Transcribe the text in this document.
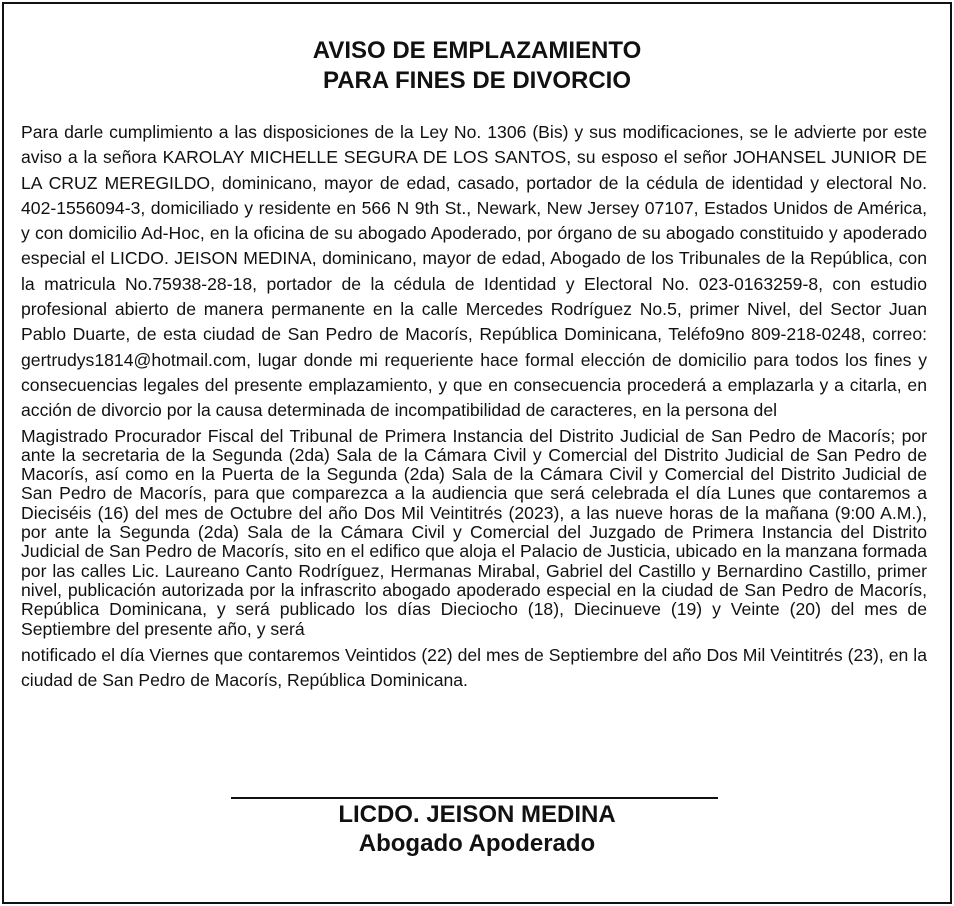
AVISO DE EMPLAZAMIENTO
PARA FINES DE DIVORCIO

Para darle cumplimiento a las disposiciones de la Ley No. 1306 (Bis) y sus modificaciones, se le advierte por este aviso a la señora KAROLAY MICHELLE SEGURA DE LOS SANTOS, su esposo el señor JOHANSEL JUNIOR DE LA CRUZ MEREGILDO, dominicano, mayor de edad, casado, portador de la cédula de identidad y electoral No. 402-1556094-3, domiciliado y residente en 566 N 9th St., Newark, New Jersey 07107, Estados Unidos de América, y con domicilio Ad-Hoc, en la oficina de su abogado Apoderado, por órgano de su abogado constituido y apoderado especial el LICDO. JEISON MEDINA, dominicano, mayor de edad, Abogado de los Tribunales de la República, con la matricula No.75938-28-18, portador de la cédula de Identidad y Electoral No. 023-0163259-8, con estudio profesional abierto de manera permanente en la calle Mercedes Rodríguez No.5, primer Nivel, del Sector Juan Pablo Duarte, de esta ciudad de San Pedro de Macorís, República Dominicana, Teléfo9no 809-218-0248, correo: gertrudys1814@hotmail.com, lugar donde mi requeriente hace formal elección de domicilio para todos los fines y consecuencias legales del presente emplazamiento, y que en consecuencia procederá a emplazarla y a citarla, en acción de divorcio por la causa determinada de incompatibilidad de caracteres, en la persona del

Magistrado Procurador Fiscal del Tribunal de Primera Instancia del Distrito Judicial de San Pedro de Macorís; por ante la secretaria de la Segunda (2da) Sala de la Cámara Civil y Comercial del Distrito Judicial de San Pedro de Macorís, así como en la Puerta de la Segunda (2da) Sala de la Cámara Civil y Comercial del Distrito Judicial de San Pedro de Macorís, para que comparezca a la audiencia que será celebrada el día Lunes que contaremos a Dieciséis (16) del mes de Octubre del año Dos Mil Veintitrés (2023), a las nueve horas de la mañana (9:00 A.M.), por ante la Segunda (2da) Sala de la Cámara Civil y Comercial del Juzgado de Primera Instancia del Distrito Judicial de San Pedro de Macorís, sito en el edifico que aloja el Palacio de Justicia, ubicado en la manzana formada por las calles Lic. Laureano Canto Rodríguez, Hermanas Mirabal, Gabriel del Castillo y Bernardino Castillo, primer nivel, publicación autorizada por la infrascrito abogado apoderado especial en la ciudad de San Pedro de Macorís, República Dominicana, y será publicado los días Dieciocho (18), Diecinueve (19) y Veinte (20) del mes de Septiembre del presente año, y será

notificado el día Viernes que contaremos Veintidos (22) del mes de Septiembre del año Dos Mil Veintitrés (23), en la ciudad de San Pedro de Macorís, República Dominicana.

LICDO. JEISON MEDINA
Abogado Apoderado
